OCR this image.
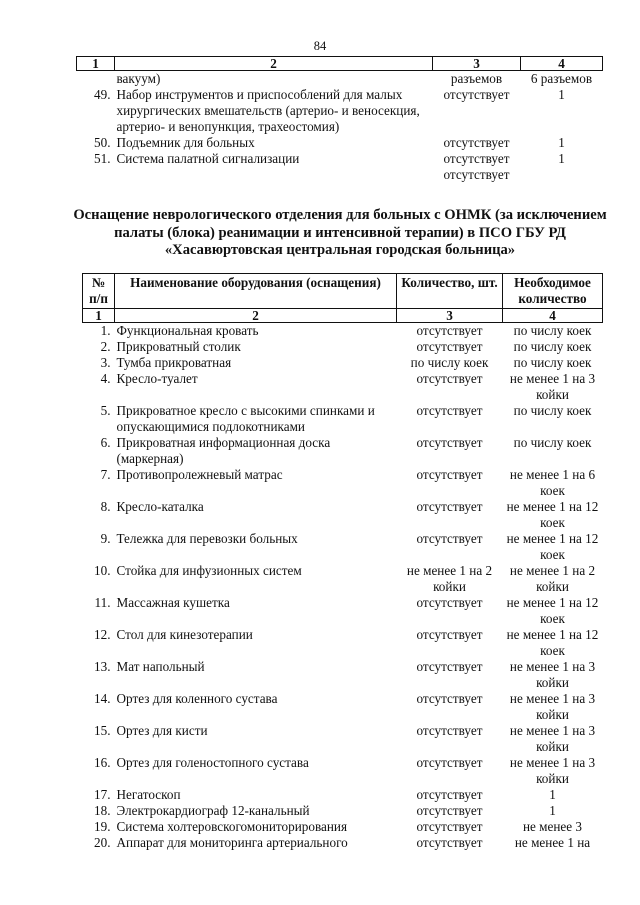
84
1	2	3	4
	вакуум)	разъемов	6 разъемов
49.	Набор инструментов и приспособлений для малых хирургических вмешательств (артерио- и веносекция, артерио- и венопункция, трахеостомия)	отсутствует	1
50.	Подъемник для больных	отсутствует	1
51.	Система палатной сигнализации	отсутствует отсутствует	1
Оснащение неврологического отделения для больных с ОНМК (за исключением палаты (блока) реанимации и интенсивной терапии) в ПСО ГБУ РД «Хасавюртовская центральная городская больница»
№ п/п	Наименование оборудования (оснащения)	Количество, шт.	Необходимое количество
1	2	3	4
1.	Функциональная кровать	отсутствует	по числу коек
2.	Прикроватный столик	отсутствует	по числу коек
3.	Тумба прикроватная	по числу коек	по числу коек
4.	Кресло-туалет	отсутствует	не менее 1 на 3 койки
5.	Прикроватное кресло с высокими спинками и опускающимися подлокотниками	отсутствует	по числу коек
6.	Прикроватная информационная доска (маркерная)	отсутствует	по числу коек
7.	Противопролежневый матрас	отсутствует	не менее 1 на 6 коек
8.	Кресло-каталка	отсутствует	не менее 1 на 12 коек
9.	Тележка для перевозки больных	отсутствует	не менее 1 на 12 коек
10.	Стойка для инфузионных систем	не менее 1 на 2 койки	не менее 1 на 2 койки
11.	Массажная кушетка	отсутствует	не менее 1 на 12 коек
12.	Стол для кинезотерапии	отсутствует	не менее 1 на 12 коек
13.	Мат напольный	отсутствует	не менее 1 на 3 койки
14.	Ортез для коленного сустава	отсутствует	не менее 1 на 3 койки
15.	Ортез для кисти	отсутствует	не менее 1 на 3 койки
16.	Ортез для голеностопного сустава	отсутствует	не менее 1 на 3 койки
17.	Негатоскоп	отсутствует	1
18.	Электрокардиограф 12-канальный	отсутствует	1
19.	Система холтеровскогомониторирования	отсутствует	не менее 3
20.	Аппарат для мониторинга артериального	отсутствует	не менее 1 на
